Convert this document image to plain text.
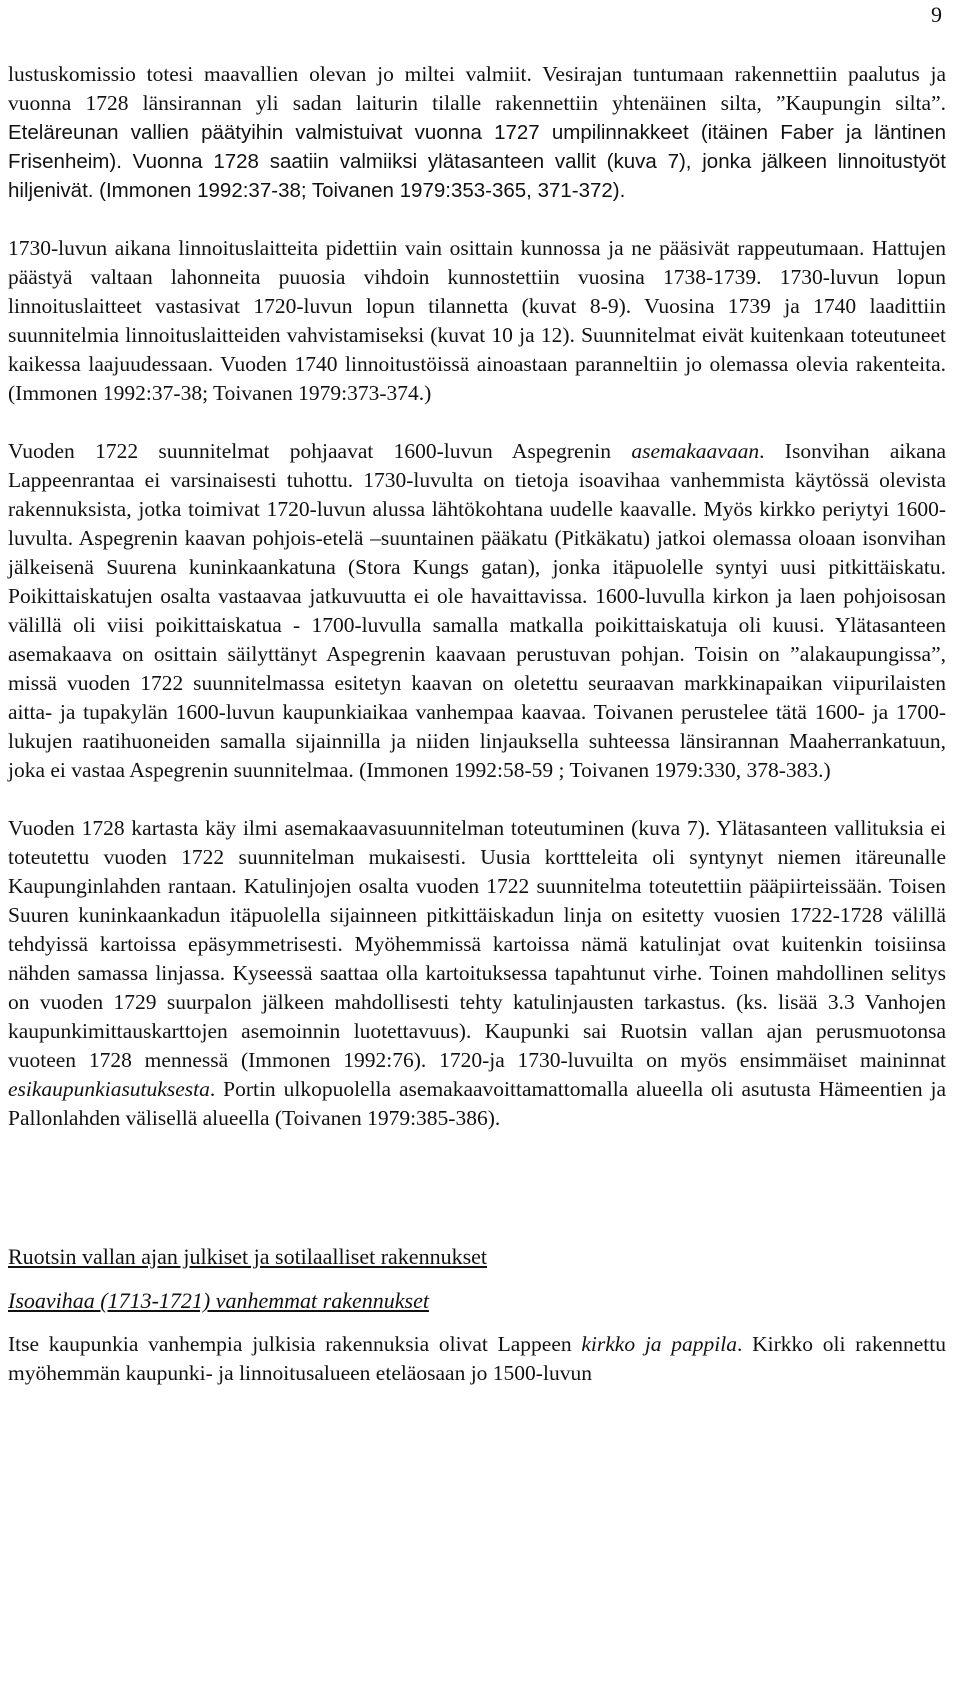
9

lustuskomissio totesi maavallien olevan jo miltei valmiit. Vesirajan tuntumaan rakennettiin paalutus ja vuonna 1728 länsirannan yli sadan laiturin tilalle rakennettiin yhtenäinen silta, ”Kaupungin silta”. Eteläreunan vallien päätyihin valmistuivat vuonna 1727 umpilinnakkeet (itäinen Faber ja läntinen Frisenheim). Vuonna 1728 saatiin valmiiksi ylätasanteen vallit (kuva 7), jonka jälkeen linnoitustyöt hiljenivät. (Immonen 1992:37-38; Toivanen 1979:353-365, 371-372).

1730-luvun aikana linnoituslaitteita pidettiin vain osittain kunnossa ja ne pääsivät rappeutumaan. Hattujen päästyä valtaan lahonneita puuosia vihdoin kunnostettiin vuosina 1738-1739. 1730-luvun lopun linnoituslaitteet vastasivat 1720-luvun lopun tilannetta (kuvat 8-9). Vuosina 1739 ja 1740 laadittiin suunnitelmia linnoituslaitteiden vahvistamiseksi (kuvat 10 ja 12). Suunnitelmat eivät kuitenkaan toteutuneet kaikessa laajuudessaan. Vuoden 1740 linnoitustöissä ainoastaan paranneltiin jo olemassa olevia rakenteita. (Immonen 1992:37-38; Toivanen 1979:373-374.)

Vuoden 1722 suunnitelmat pohjaavat 1600-luvun Aspegrenin asemakaavaan. Isonvihan aikana Lappeenrantaa ei varsinaisesti tuhottu. 1730-luvulta on tietoja isoavihaa vanhemmista käytössä olevista rakennuksista, jotka toimivat 1720-luvun alussa lähtökohtana uudelle kaavalle. Myös kirkko periytyi 1600-luvulta. Aspegrenin kaavan pohjois-etelä –suuntainen pääkatu (Pitkäkatu) jatkoi olemassa oloaan isonvihan jälkeisenä Suurena kuninkaankatuna (Stora Kungs gatan), jonka itäpuolelle syntyi uusi pitkittäiskatu. Poikittaiskatujen osalta vastaavaa jatkuvuutta ei ole havaittavissa. 1600-luvulla kirkon ja laen pohjoisosan välillä oli viisi poikittaiskatua - 1700-luvulla samalla matkalla poikittaiskatuja oli kuusi. Ylätasanteen asemakaava on osittain säilyttänyt Aspegrenin kaavaan perustuvan pohjan. Toisin on ”alakaupungissa”, missä vuoden 1722 suunnitelmassa esitetyn kaavan on oletettu seuraavan markkinapaikan viipurilaisten aitta- ja tupakylän 1600-luvun kaupunkiaikaa vanhempaa kaavaa. Toivanen perustelee tätä 1600- ja 1700-lukujen raatihuoneiden samalla sijainnilla ja niiden linjauksella suhteessa länsirannan Maaherrankatuun, joka ei vastaa Aspegrenin suunnitelmaa. (Immonen 1992:58-59 ; Toivanen 1979:330, 378-383.)

Vuoden 1728 kartasta käy ilmi asemakaavasuunnitelman toteutuminen (kuva 7). Ylätasanteen vallituksia ei toteutettu vuoden 1722 suunnitelman mukaisesti. Uusia korttteleita oli syntynyt niemen itäreunalle Kaupunginlahden rantaan. Katulinjojen osalta vuoden 1722 suunnitelma toteutettiin pääpiirteissään. Toisen Suuren kuninkaankadun itäpuolella sijainneen pitkittäiskadun linja on esitetty vuosien 1722-1728 välillä tehdyissä kartoissa epäsymmetrisesti. Myöhemmissä kartoissa nämä katulinjat ovat kuitenkin toisiinsa nähden samassa linjassa. Kyseessä saattaa olla kartoituksessa tapahtunut virhe. Toinen mahdollinen selitys on vuoden 1729 suurpalon jälkeen mahdollisesti tehty katulinjausten tarkastus. (ks. lisää 3.3 Vanhojen kaupunkimittauskarttojen asemoinnin luotettavuus). Kaupunki sai Ruotsin vallan ajan perusmuotonsa vuoteen 1728 mennessä (Immonen 1992:76). 1720-ja 1730-luvuilta on myös ensimmäiset maininnat esikaupunkiasutuksesta. Portin ulkopuolella asemakaavoittamattomalla alueella oli asutusta Hämeentien ja Pallonlahden välisellä alueella (Toivanen 1979:385-386).

Ruotsin vallan ajan julkiset ja sotilaalliset rakennukset
Isoavihaa (1713-1721) vanhemmat rakennukset

Itse kaupunkia vanhempia julkisia rakennuksia olivat Lappeen kirkko ja pappila. Kirkko oli rakennettu myöhemmän kaupunki- ja linnoitusalueen eteläosaan jo 1500-luvun
